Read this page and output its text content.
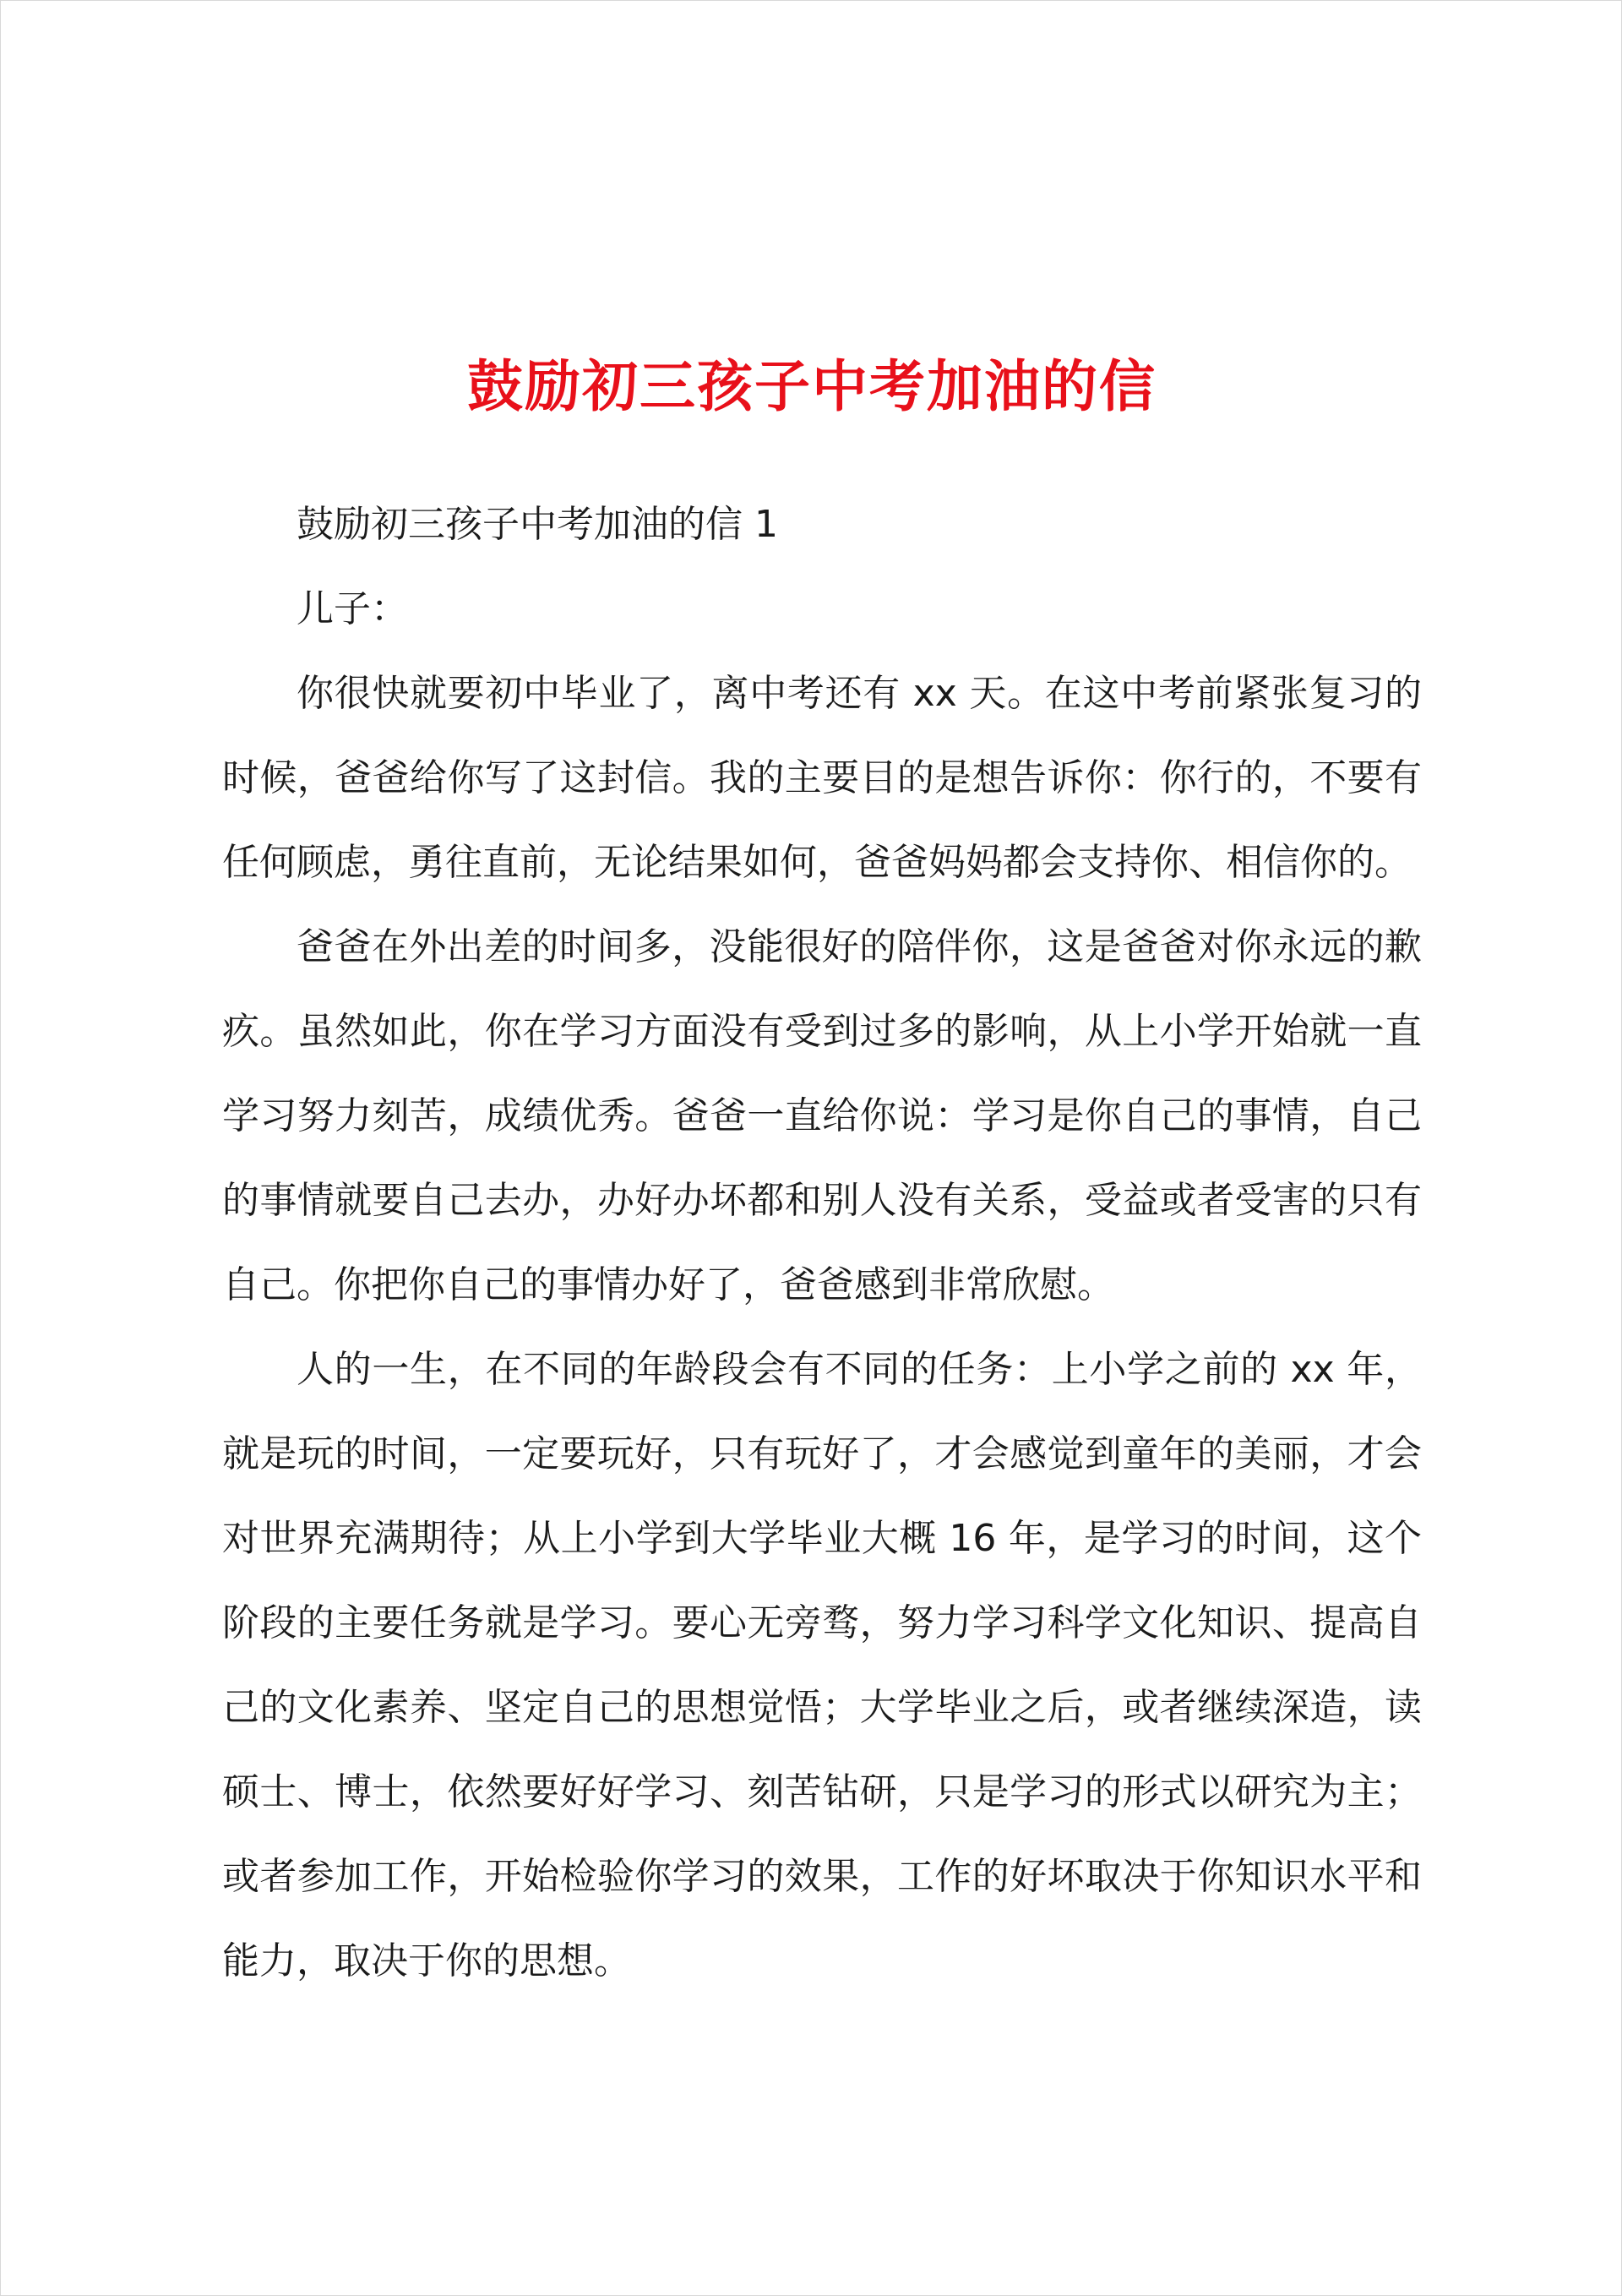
鼓励初三孩子中考加油的信

鼓励初三孩子中考加油的信 1

儿子：

你很快就要初中毕业了，离中考还有 xx 天。在这中考前紧张复习的时候，爸爸给你写了这封信。我的主要目的是想告诉你：你行的，不要有任何顾虑，勇往直前，无论结果如何，爸爸妈妈都会支持你、相信你的。

爸爸在外出差的时间多，没能很好的陪伴你，这是爸爸对你永远的歉疚。虽然如此，你在学习方面没有受到过多的影响，从上小学开始就一直学习努力刻苦，成绩优秀。爸爸一直给你说：学习是你自己的事情，自己的事情就要自己去办，办好办坏都和别人没有关系，受益或者受害的只有自己。你把你自己的事情办好了，爸爸感到非常欣慰。

人的一生，在不同的年龄段会有不同的任务：上小学之前的 xx 年，就是玩的时间，一定要玩好，只有玩好了，才会感觉到童年的美丽，才会对世界充满期待；从上小学到大学毕业大概 16 年，是学习的时间，这个阶段的主要任务就是学习。要心无旁骛，努力学习科学文化知识、提高自己的文化素养、坚定自己的思想觉悟；大学毕业之后，或者继续深造，读硕士、博士，依然要好好学习、刻苦钻研，只是学习的形式以研究为主；或者参加工作，开始检验你学习的效果，工作的好坏取决于你知识水平和能力，取决于你的思想。
